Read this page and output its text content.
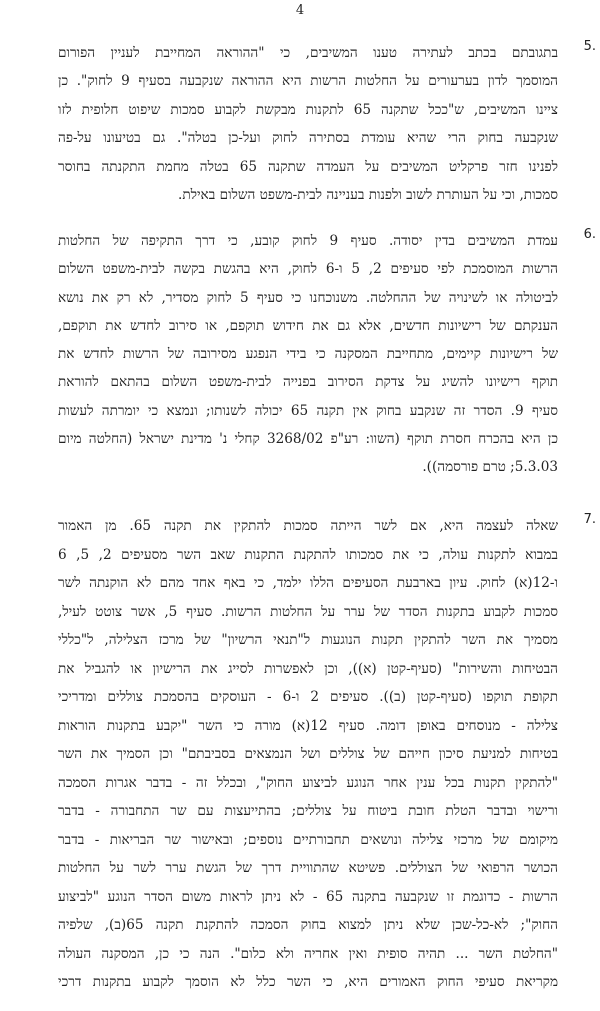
4
5.
בתגובתם בכתב לעתירה טענו המשיבים, כי "ההוראה המחייבת לעניין הפורום
המוסמך לדון בערעורים על החלטות הרשות היא ההוראה שנקבעה בסעיף 9 לחוק". כן
ציינו המשיבים, ש"ככל שתקנה 65 לתקנות מבקשת לקבוע סמכות שיפוט חלופית לזו
שנקבעה בחוק הרי שהיא עומדת בסתירה לחוק ועל-כן בטלה". גם בטיעונו על-פה
לפנינו חזר פרקליט המשיבים על העמדה שתקנה 65 בטלה מחמת התקנתה בחוסר
סמכות, וכי על העותרת לשוב ולפנות בעניינה לבית-משפט השלום באילת.
6.
עמדת המשיבים בדין יסודה. סעיף 9 לחוק קובע, כי דרך התקיפה של החלטות
הרשות המוסמכת לפי סעיפים 2, 5 ו-6 לחוק, היא בהגשת בקשה לבית-משפט השלום
לביטולה או לשינויה של ההחלטה. משנוכחנו כי סעיף 5 לחוק מסדיר, לא רק את נושא
הענקתם של רישיונות חדשים, אלא גם את חידוש תוקפם, או סירוב לחדש את תוקפם,
של רישיונות קיימים, מתחייבת המסקנה כי בידי הנפגע מסירובה של הרשות לחדש את
תוקף רישיונו להשיג על צדקת הסירוב בפנייה לבית-משפט השלום בהתאם להוראת
סעיף 9. הסדר זה שנקבע בחוק אין תקנה 65 יכולה לשנותו; ונמצא כי יומרתה לעשות
כן היא בהכרח חסרת תוקף (השוו: רע"פ 3268/02 קחלי נ' מדינת ישראל (החלטה מיום
5.3.03; טרם פורסמה)).
7.
שאלה לעצמה היא, אם לשר הייתה סמכות להתקין את תקנה 65. מן האמור
במבוא לתקנות עולה, כי את סמכותו להתקנת התקנות שאב השר מסעיפים 2, 5, 6
ו-12(א) לחוק. עיון בארבעת הסעיפים הללו ילמד, כי באף אחד מהם לא הוקנתה לשר
סמכות לקבוע בתקנות הסדר של ערר על החלטות הרשות. סעיף 5, אשר צוטט לעיל,
מסמיך את השר להתקין תקנות הנוגעות ל"תנאי הרשיון" של מרכז הצלילה, ל"כללי
הבטיחות והשירות" (סעיף-קטן (א)), וכן לאפשרות לסייג את הרישיון או להגביל את
תקופת תוקפו (סעיף-קטן (ב)). סעיפים 2 ו-6 - העוסקים בהסמכת צוללים ומדריכי
צלילה - מנוסחים באופן דומה. סעיף 12(א) מורה כי השר "יקבע בתקנות הוראות
בטיחות למניעת סיכון חייהם של צוללים ושל הנמצאים בסביבתם" וכן הסמיך את השר
"להתקין תקנות בכל ענין אחר הנוגע לביצוע החוק", ובכלל זה - בדבר אגרות הסמכה
ורישוי ובדבר הטלת חובת ביטוח על צוללים; בהתייעצות עם שר התחבורה - בדבר
מיקומם של מרכזי צלילה ונושאים תחבורתיים נוספים; ובאישור שר הבריאות - בדבר
הכושר הרפואי של הצוללים. פשיטא שהתוויית דרך של הגשת ערר לשר על החלטות
הרשות - כדוגמת זו שנקבעה בתקנה 65 - לא ניתן לראות משום הסדר הנוגע "לביצוע
החוק"; לא-כל-שכן שלא ניתן למצוא בחוק הסמכה להתקנת תקנה 65(ב), שלפיה
"החלטת השר ... תהיה סופית ואין אחריה ולא כלום". הנה כי כן, המסקנה העולה
מקריאת סעיפי החוק האמורים היא, כי השר כלל לא הוסמך לקבוע בתקנות דרכי
